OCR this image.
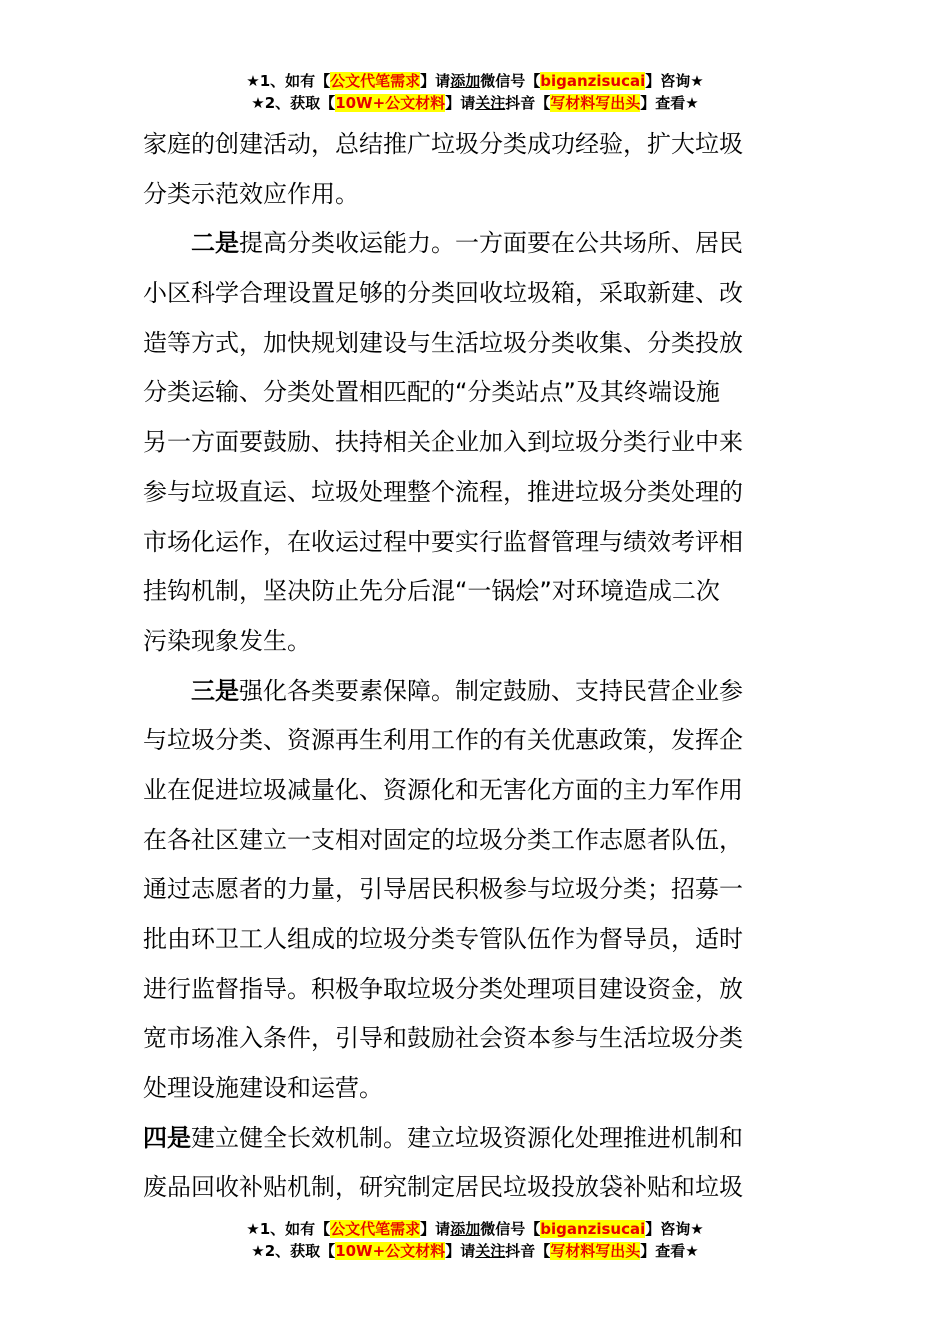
★1、如有【公文代笔需求】请添加微信号【biganzisucai】咨询★
★2、获取【10W+公文材料】请关注抖音【写材料写出头】查看★
家庭的创建活动，总结推广垃圾分类成功经验，扩大垃圾
分类示范效应作用。
二是提高分类收运能力。一方面要在公共场所、居民
小区科学合理设置足够的分类回收垃圾箱，采取新建、改
造等方式，加快规划建设与生活垃圾分类收集、分类投放
分类运输、分类处置相匹配的“分类站点”及其终端设施
另一方面要鼓励、扶持相关企业加入到垃圾分类行业中来
参与垃圾直运、垃圾处理整个流程，推进垃圾分类处理的
市场化运作，在收运过程中要实行监督管理与绩效考评相
挂钩机制，坚决防止先分后混“一锅烩”对环境造成二次
污染现象发生。
三是强化各类要素保障。制定鼓励、支持民营企业参
与垃圾分类、资源再生利用工作的有关优惠政策，发挥企
业在促进垃圾减量化、资源化和无害化方面的主力军作用
在各社区建立一支相对固定的垃圾分类工作志愿者队伍，
通过志愿者的力量，引导居民积极参与垃圾分类；招募一
批由环卫工人组成的垃圾分类专管队伍作为督导员，适时
进行监督指导。积极争取垃圾分类处理项目建设资金，放
宽市场准入条件，引导和鼓励社会资本参与生活垃圾分类
处理设施建设和运营。
四是建立健全长效机制。建立垃圾资源化处理推进机制和
废品回收补贴机制，研究制定居民垃圾投放袋补贴和垃圾
★1、如有【公文代笔需求】请添加微信号【biganzisucai】咨询★
★2、获取【10W+公文材料】请关注抖音【写材料写出头】查看★
